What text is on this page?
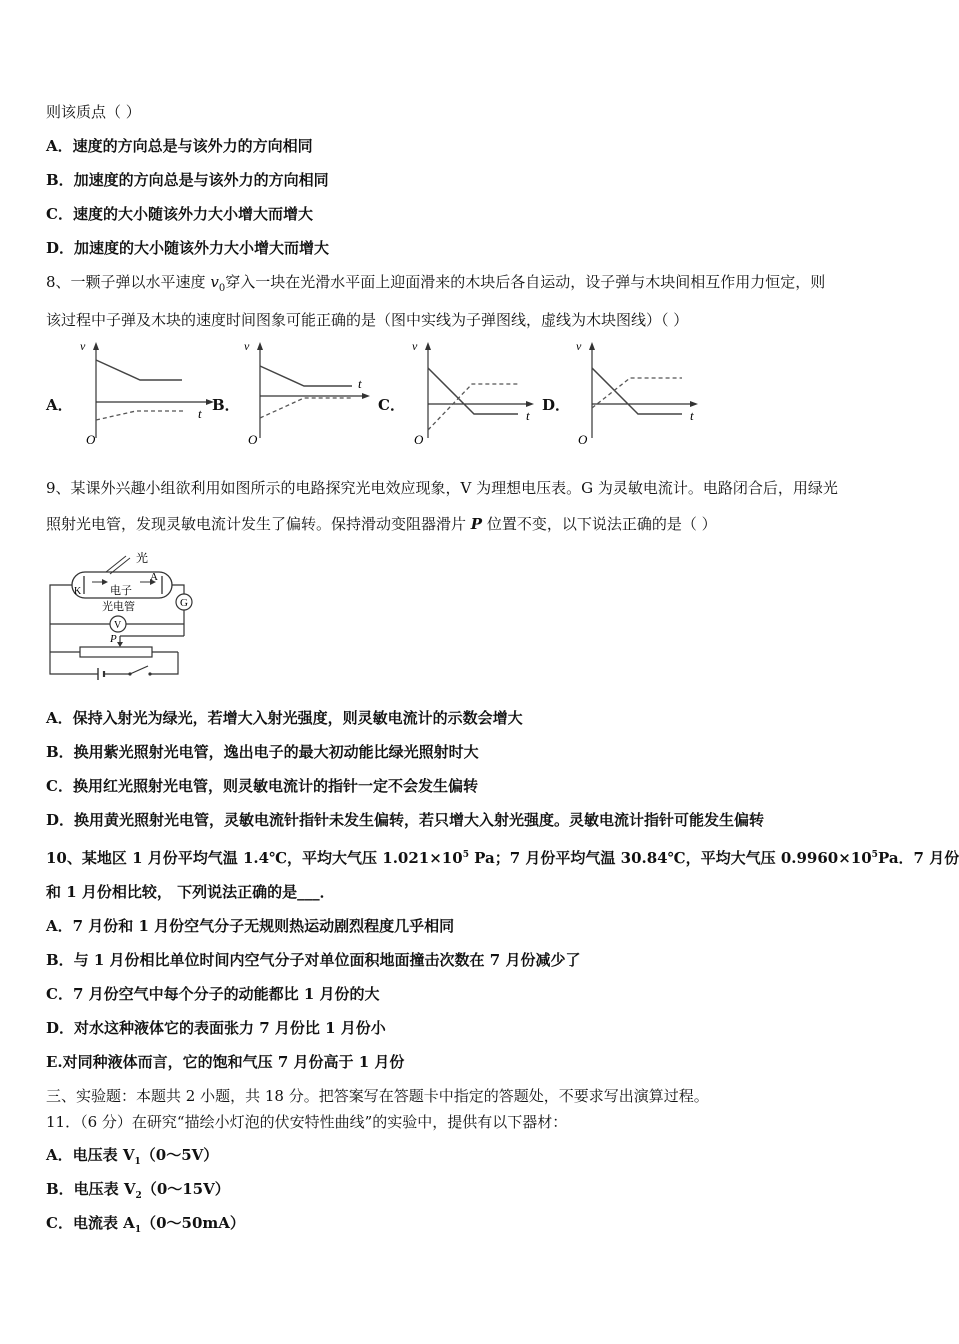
则该质点（ ）
A．速度的方向总是与该外力的方向相同
B．加速度的方向总是与该外力的方向相同
C．速度的大小随该外力大小增大而增大
D．加速度的大小随该外力大小增大而增大
8、一颗子弹以水平速度 $v_0$穿入一块在光滑水平面上迎面滑来的木块后各自运动，设子弹与木块间相互作用力恒定，则
该过程中子弹及木块的速度时间图象可能正确的是（图中实线为子弹图线，虚线为木块图线）（ ）
A．
v
t
O
B．
v
t
O
C．
v
t
O
D．
v
t
O
9、某课外兴趣小组欲利用如图所示的电路探究光电效应现象，V 为理想电压表。G 为灵敏电流计。电路闭合后，用绿光
照射光电管，发现灵敏电流计发生了偏转。保持滑动变阻器滑片 P 位置不变，以下说法正确的是（ ）
光
K
A
电子
光电管	G
V
P
A．保持入射光为绿光，若增大入射光强度，则灵敏电流计的示数会增大
B．换用紫光照射光电管，逸出电子的最大初动能比绿光照射时大
C．换用红光照射光电管，则灵敏电流计的指针一定不会发生偏转
D．换用黄光照射光电管，灵敏电流针指针未发生偏转，若只增大入射光强度。灵敏电流计指针可能发生偏转
10、某地区 1 月份平均气温 1.4℃，平均大气压 $1.021\times 10^5$ Pa；7 月份平均气温 30.84℃，平均大气压 $0.9960\times 10^5Pa$．7 月份
和 1 月份相比较， 下列说法正确的是___．
A．7 月份和 1 月份空气分子无规则热运动剧烈程度几乎相同
B．与 1 月份相比单位时间内空气分子对单位面积地面撞击次数在 7 月份减少了
C．7 月份空气中每个分子的动能都比 1 月份的大
D．对水这种液体它的表面张力 7 月份比 1 月份小
E.对同种液体而言，它的饱和气压 7 月份高于 1 月份
三、实验题：本题共 2 小题，共 18 分。把答案写在答题卡中指定的答题处，不要求写出演算过程。
11．（6 分）在研究“描绘小灯泡的伏安特性曲线”的实验中，提供有以下器材：
A．电压表 $V_1(0\sim 5V)$
B．电压表 $V_2(0\sim 15V)$
C．电流表 $A_1(0\sim 50mA)$
